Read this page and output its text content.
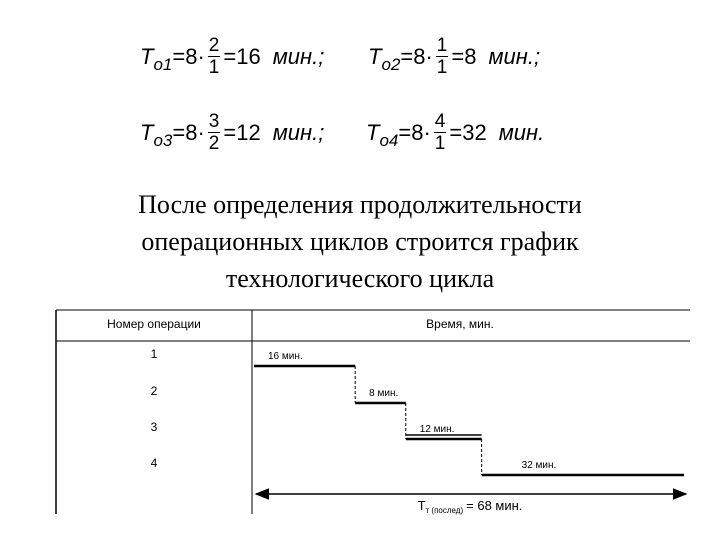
T $o1 =8\cdot \frac{2}{1} =16$ мин.; T $o2 =8\cdot \frac{1}{1} =8$ мин.;
T $o3 =8\cdot \frac{3}{2} =12$ мин.; T $o4 =8\cdot \frac{4}{1} =32$ мин.
После определения продолжительности
операционных циклов строится график
технологического цикла
Номер операции	Время, мин.
1
2
3
4
16 мин.
8 мин.
12 мин.
32 мин.
$T_{т (послед)} = 68$ мин.
